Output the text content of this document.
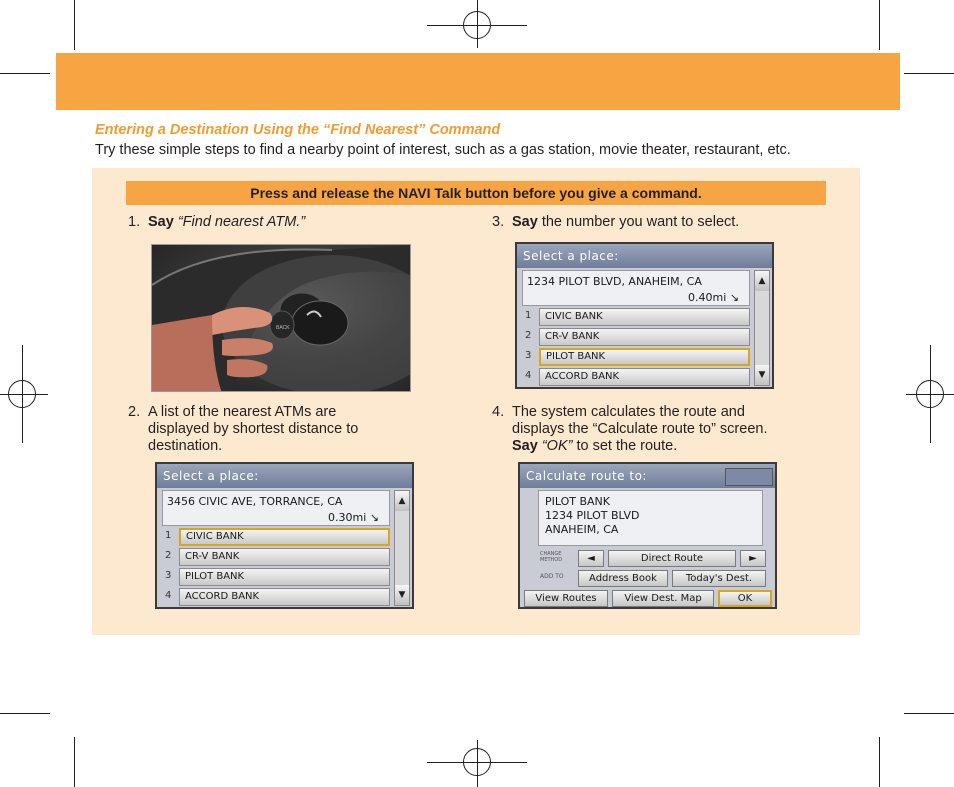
Entering a Destination Using the “Find Nearest” Command
Try these simple steps to find a nearby point of interest, such as a gas station, movie theater, restaurant, etc.
Press and release the NAVI Talk button before you give a command.
1. Say “Find nearest ATM.”
BACK
2. A list of the nearest ATMs are
displayed by shortest distance to
destination.
Select a place:
3456 CIVIC AVE, TORRANCE, CA
0.30mi ↘
1	CIVIC BANK
2	CR-V BANK
3	PILOT BANK
4	ACCORD BANK
▲
▼
3. Say the number you want to select.
Select a place:
1234 PILOT BLVD, ANAHEIM, CA
0.40mi ↘
1	CIVIC BANK
2	CR-V BANK
3	PILOT BANK
4	ACCORD BANK
▲
▼
4. The system calculates the route and
displays the “Calculate route to” screen.
Say “OK” to set the route.
Calculate route to:
PILOT BANK
1234 PILOT BLVD
ANAHEIM, CA
CHANGE
METHOD	◄	Direct Route	►
ADD TO	Address Book	Today's Dest.
View Routes	View Dest. Map	OK
